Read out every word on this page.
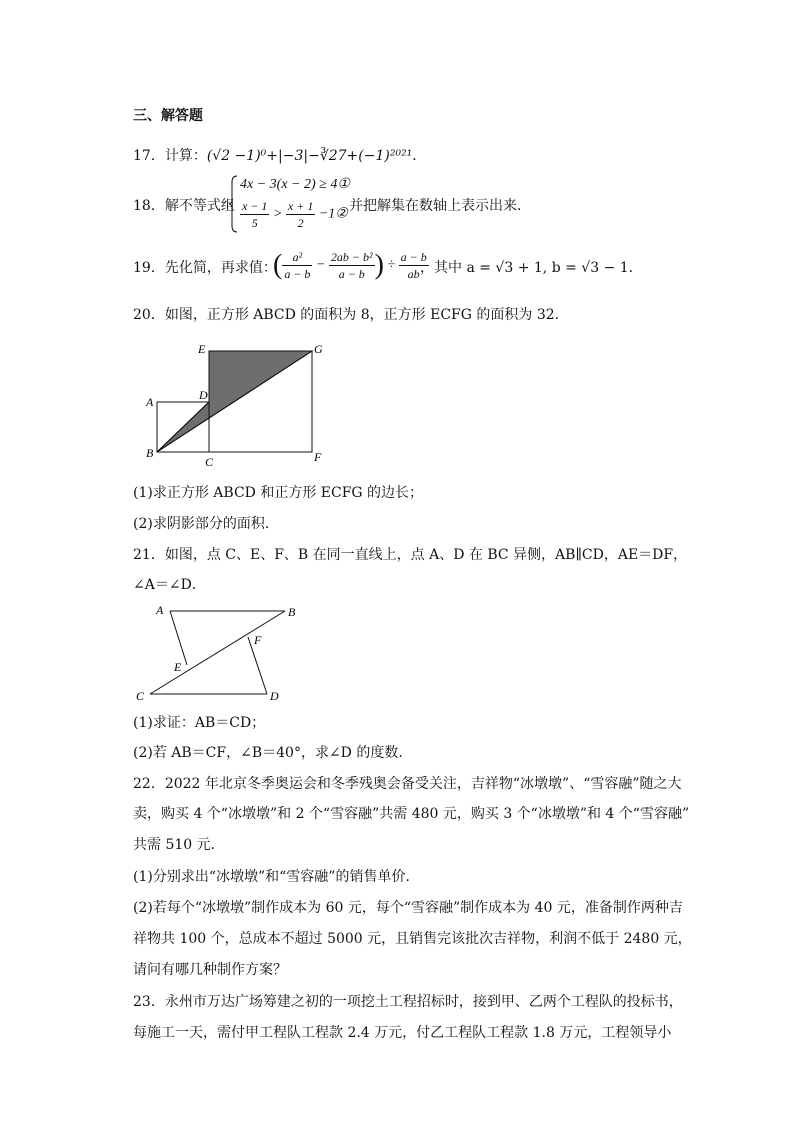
三、解答题
17．计算：(√2 −1)⁰+|−3|−∛27+(−1)²⁰²¹．
18．解不等式组
4x − 3(x − 2) ≥ 4①
$\frac{x - 1}{5} > \frac{x + 1}{2}$ −1②
并把解集在数轴上表示出来．
19．先化简，再求值：
( $\frac{\text{a²}}{a - b} - \frac{\text{2ab − b²}}{a - b}$ ) ÷ $\frac{a - b}{ab}$
，其中 a = √3 + 1, b = √3 − 1．
20．如图，正方形 ABCD 的面积为 8，正方形 ECFG 的面积为 32．
E	G
A	D
B
C	F
(1)求正方形 ABCD 和正方形 ECFG 的边长；
(2)求阴影部分的面积．
21．如图，点 C、E、F、B 在同一直线上，点 A、D 在 BC 异侧，AB∥CD，AE＝DF，
∠A＝∠D．
A	B
F
E
C	D
(1)求证：AB＝CD；
(2)若 AB＝CF，∠B＝40°，求∠D 的度数．
22．2022 年北京冬季奥运会和冬季残奥会备受关注，吉祥物“冰墩墩”、“雪容融”随之大
卖，购买 4 个“冰墩墩”和 2 个“雪容融”共需 480 元，购买 3 个“冰墩墩”和 4 个“雪容融”
共需 510 元．
(1)分别求出“冰墩墩”和“雪容融”的销售单价．
(2)若每个“冰墩墩”制作成本为 60 元，每个“雪容融”制作成本为 40 元，准备制作两种吉
祥物共 100 个，总成本不超过 5000 元，且销售完该批次吉祥物，利润不低于 2480 元，
请问有哪几种制作方案？
23．永州市万达广场筹建之初的一项挖土工程招标时，接到甲、乙两个工程队的投标书，
每施工一天，需付甲工程队工程款 2.4 万元，付乙工程队工程款 1.8 万元，工程领导小
